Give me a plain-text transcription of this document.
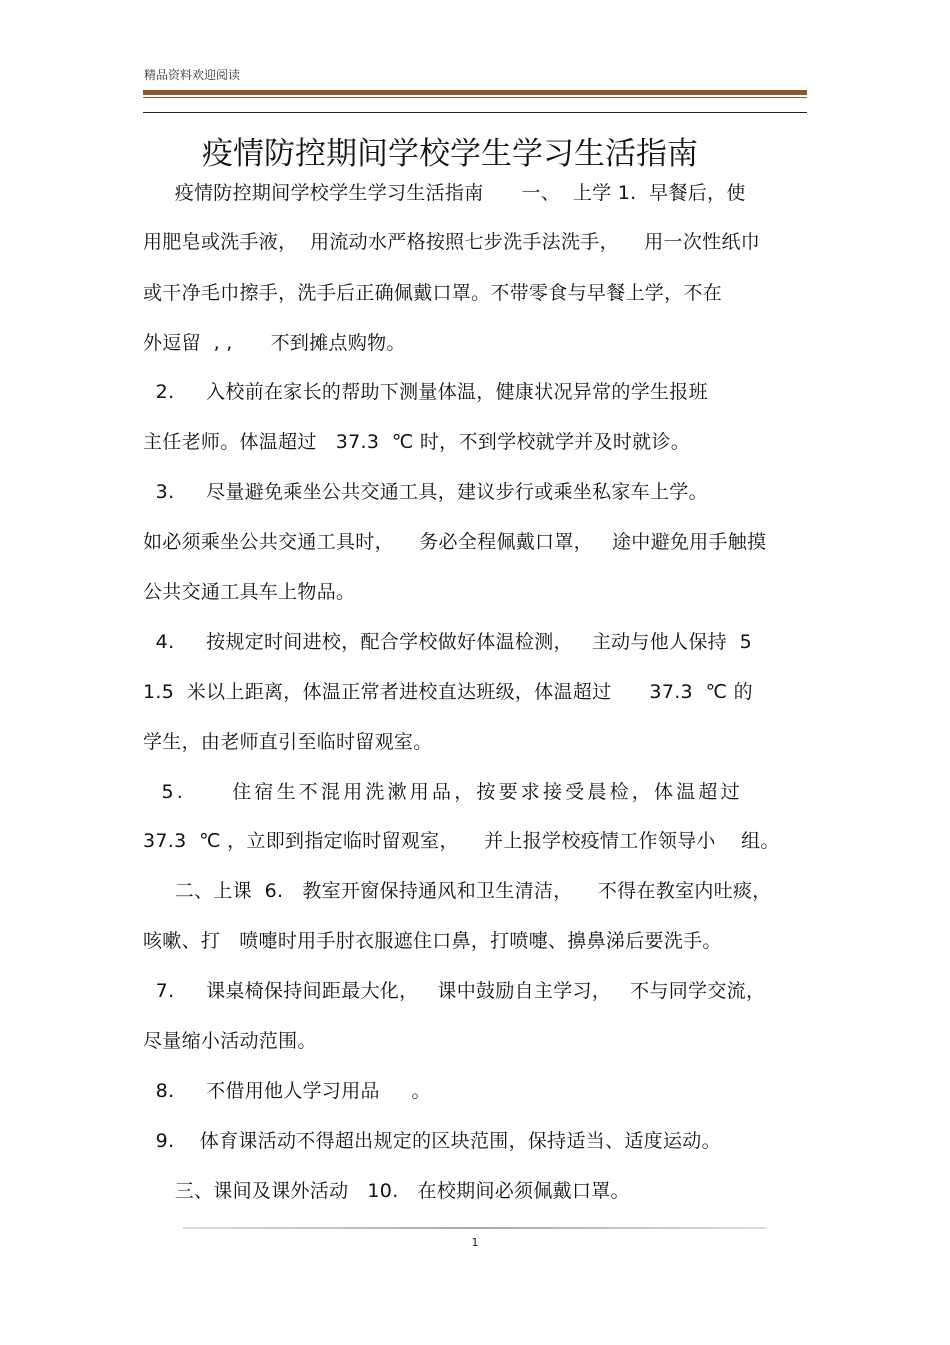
精品资料欢迎阅读
疫情防控期间学校学生学习生活指南
疫情防控期间学校学生学习生活指南      一、  上学 1.  早餐后，使
用肥皂或洗手液，  用流动水严格按照七步洗手法洗手，    用一次性纸巾
或干净毛巾擦手，洗手后正确佩戴口罩。不带零食与早餐上学，不在
外逗留  , ,      不到摊点购物。
2.     入校前在家长的帮助下测量体温，健康状况异常的学生报班
主任老师。体温超过   37.3  ℃ 时，不到学校就学并及时就诊。
3.     尽量避免乘坐公共交通工具，建议步行或乘坐私家车上学。
如必须乘坐公共交通工具时，    务必全程佩戴口罩，   途中避免用手触摸
公共交通工具车上物品。
4.     按规定时间进校，配合学校做好体温检测，   主动与他人保持  5
1.5  米以上距离，体温正常者进校直达班级，体温超过      37.3  ℃ 的
学生，由老师直引至临时留观室。
5.     住宿生不混用洗漱用品，按要求接受晨检，体温超过
37.3  ℃ ，立即到指定临时留观室，    并上报学校疫情工作领导小    组。
二、上课  6.   教室开窗保持通风和卫生清洁，    不得在教室内吐痰，
咳嗽、打   喷嚏时用手肘衣服遮住口鼻，打喷嚏、擤鼻涕后要洗手。
7.     课桌椅保持间距最大化，   课中鼓励自主学习，   不与同学交流，
尽量缩小活动范围。
8.     不借用他人学习用品     。
9.    体育课活动不得超出规定的区块范围，保持适当、适度运动。
三、课间及课外活动   10.   在校期间必须佩戴口罩。
1
